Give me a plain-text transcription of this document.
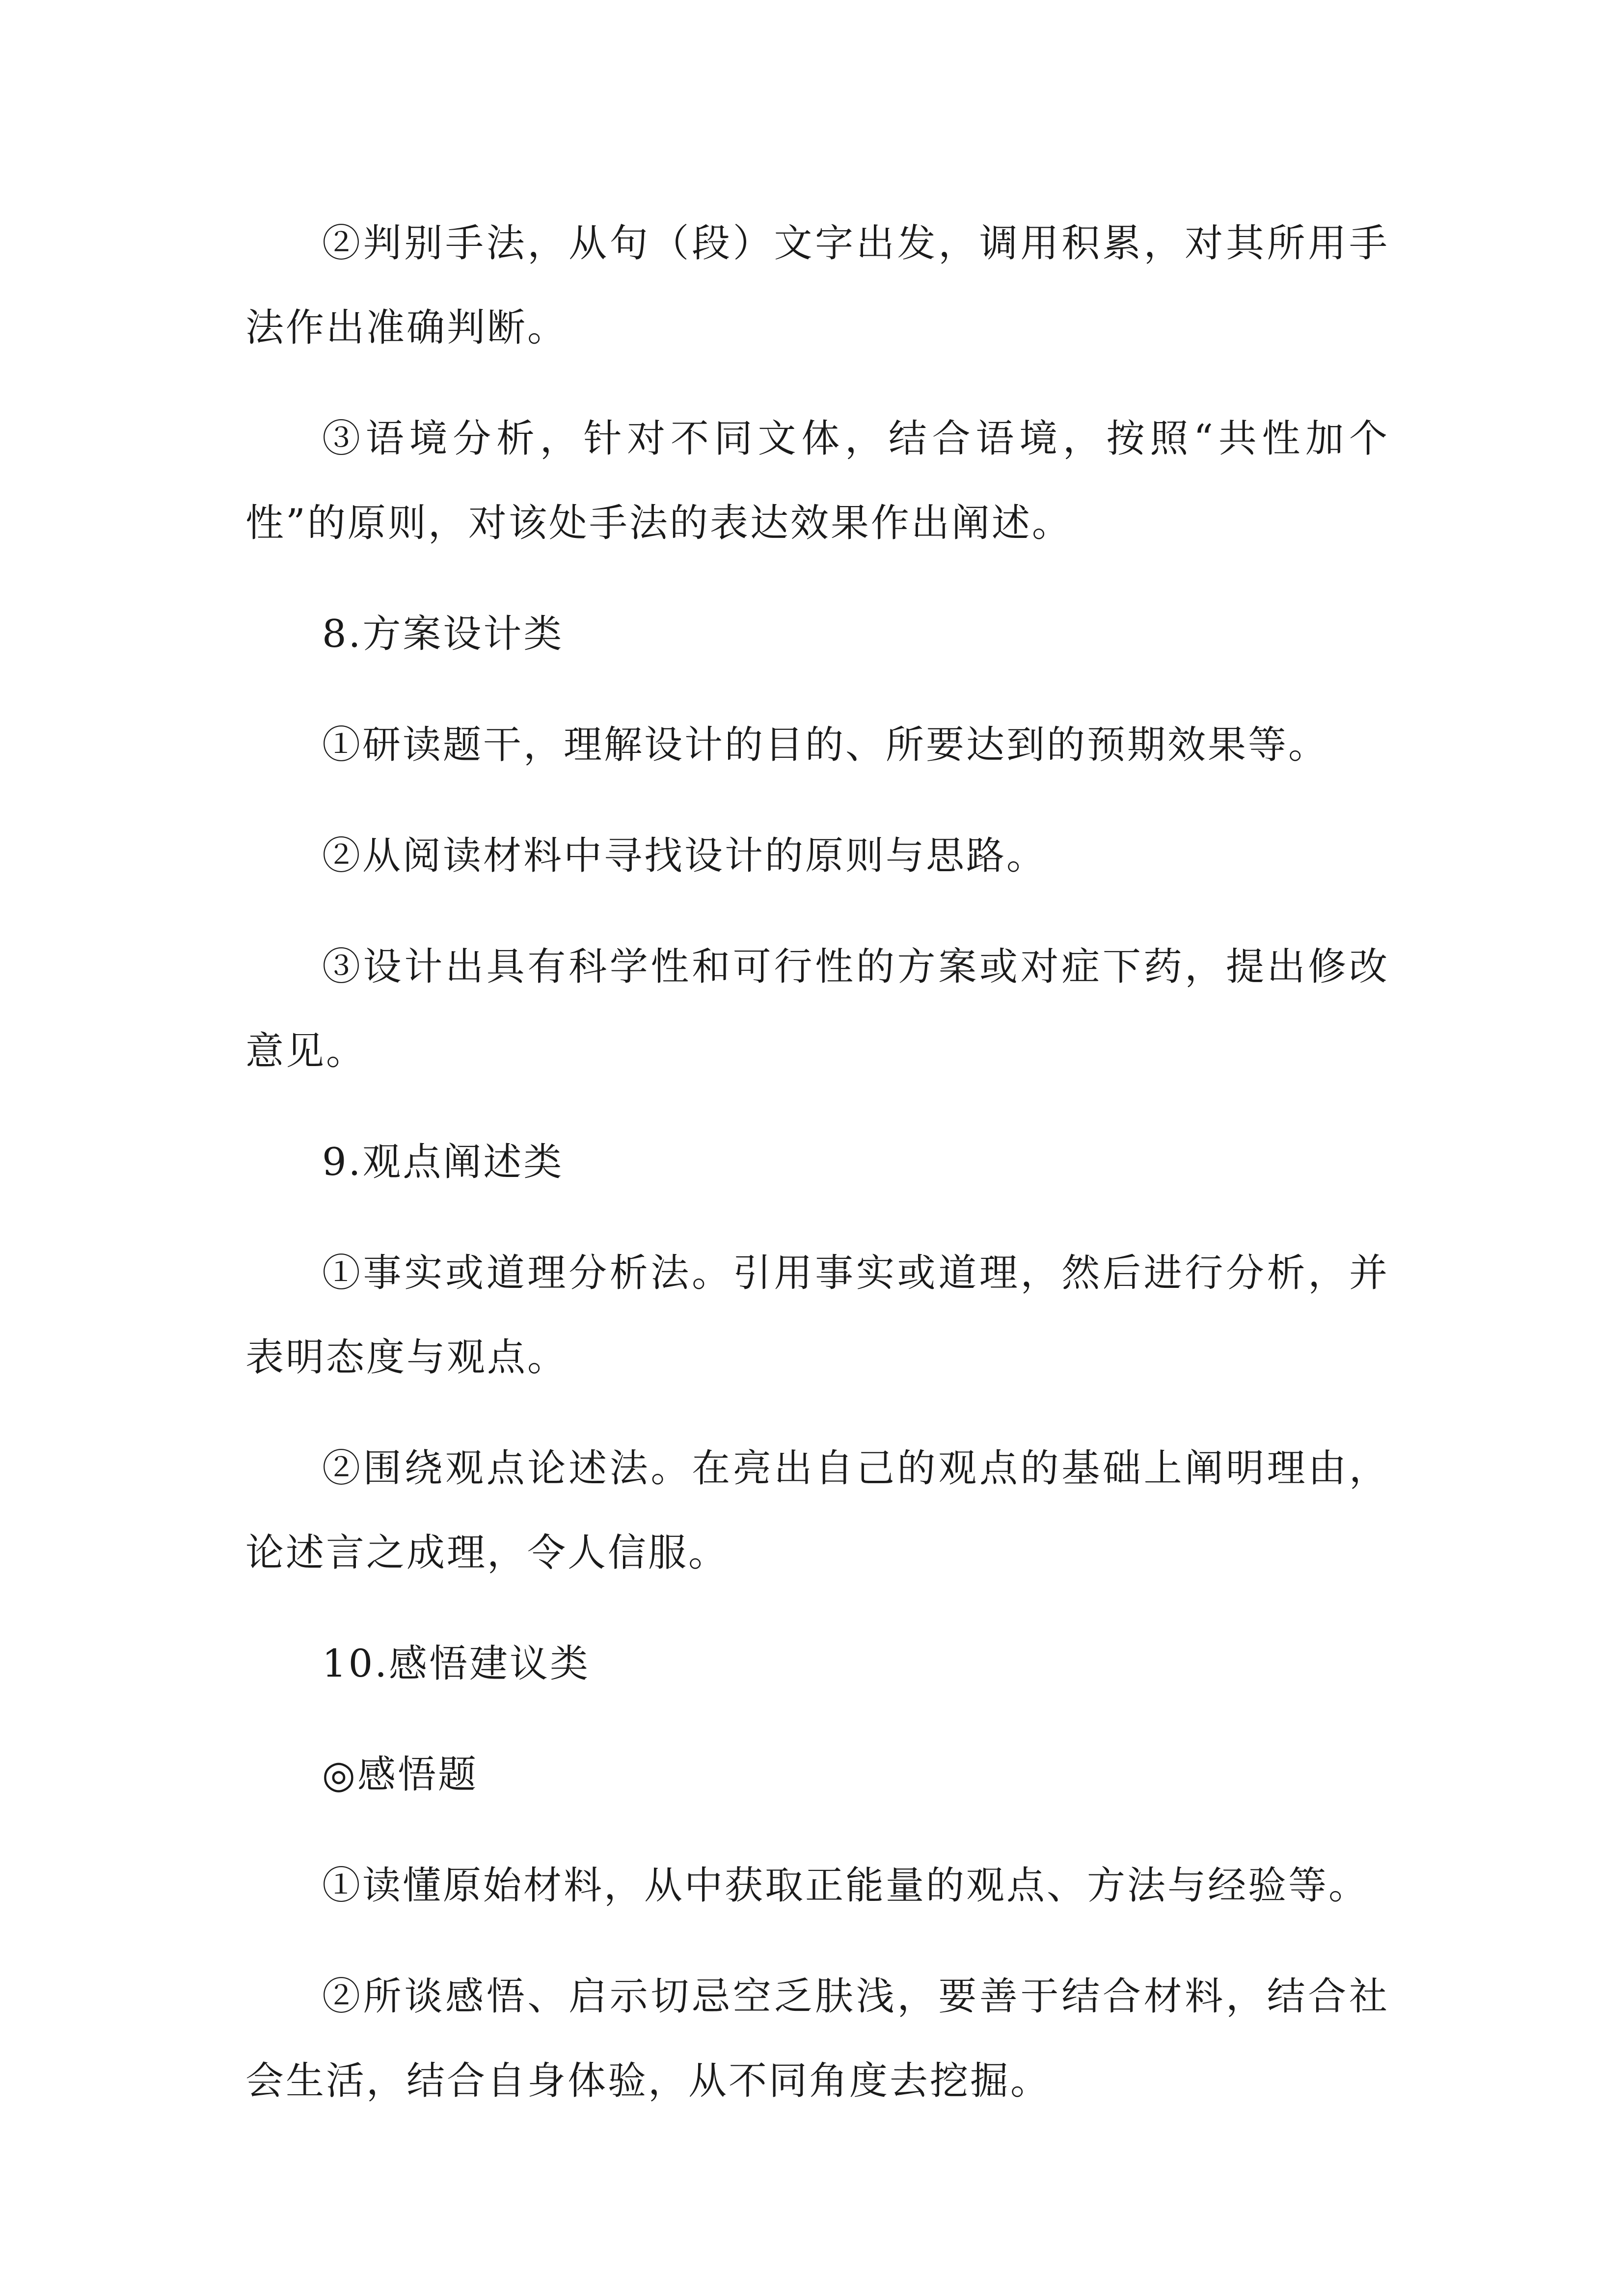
②判别手法，从句（段）文字出发，调用积累，对其所用手法作出准确判断。

③语境分析，针对不同文体，结合语境，按照“共性加个性”的原则，对该处手法的表达效果作出阐述。

8.方案设计类

①研读题干，理解设计的目的、所要达到的预期效果等。

②从阅读材料中寻找设计的原则与思路。

③设计出具有科学性和可行性的方案或对症下药，提出修改意见。

9.观点阐述类

①事实或道理分析法。引用事实或道理，然后进行分析，并表明态度与观点。

②围绕观点论述法。在亮出自己的观点的基础上阐明理由，论述言之成理，令人信服。

10.感悟建议类

◎感悟题

①读懂原始材料，从中获取正能量的观点、方法与经验等。

②所谈感悟、启示切忌空乏肤浅，要善于结合材料，结合社会生活，结合自身体验，从不同角度去挖掘。
